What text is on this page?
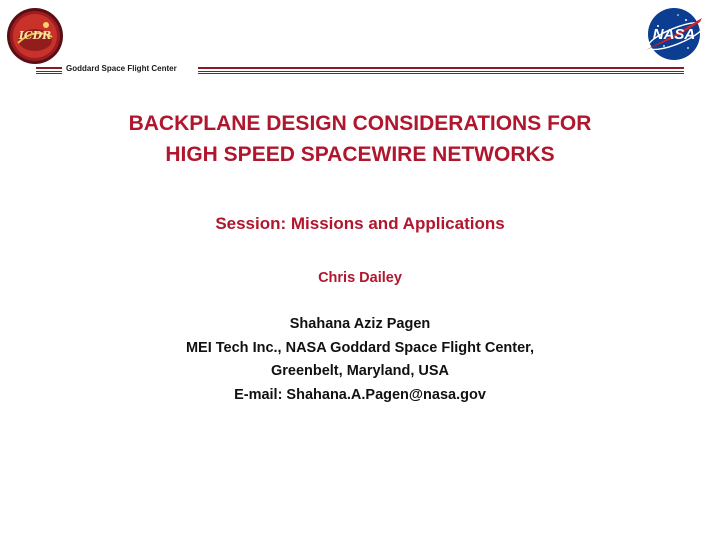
ICDR	NASA
Goddard Space Flight Center
BACKPLANE DESIGN CONSIDERATIONS FOR
HIGH SPEED SPACEWIRE NETWORKS
Session: Missions and Applications
Chris Dailey
Shahana Aziz Pagen
MEI Tech Inc., NASA Goddard Space Flight Center,
Greenbelt, Maryland, USA
E-mail: Shahana.A.Pagen@nasa.gov
